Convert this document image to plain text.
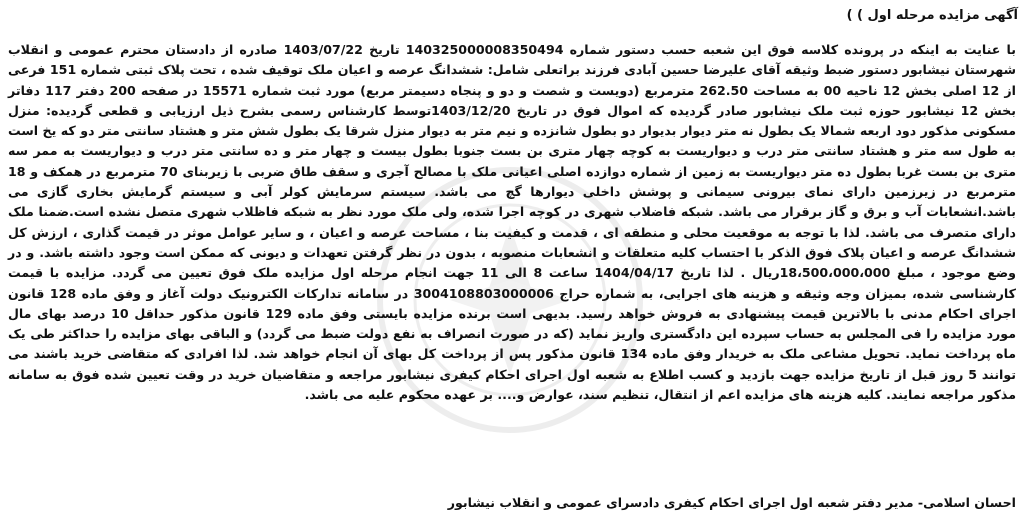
آگهی مزایده مرحله اول ) )
با عنایت به اینکه در پرونده کلاسه فوق این شعبه حسب دستور شماره 140325000008350494 تاریخ 1403/07/22 صادره از دادستان محترم عمومی و انقلاب شهرستان نیشابور دستور ضبط وثیقه آقای علیرضا حسین آبادی فرزند براتعلی شامل: ششدانگ عرصه و اعیان ملک توقیف شده ، تحت پلاک ثبتی شماره 151 فرعی از 12 اصلی بخش 12 ناحیه 00 به مساحت 262.50 مترمربع (دویست و شصت و دو و پنجاه دسیمتر مربع) مورد ثبت شماره 15571 در صفحه 200 دفتر 117 دفاتر بخش 12 نیشابور حوزه ثبت ملک نیشابور صادر گردیده که اموال فوق در تاریخ 1403/12/20توسط کارشناس رسمی بشرح ذیل ارزیابی و قطعی گردیده: منزل مسکونی مذکور دود اربعه شمالا یک بطول نه متر دیوار بدیوار دو بطول شانزده و نیم متر به دیوار منزل شرقا یک بطول شش متر و هشتاد سانتی متر دو که یخ است به طول سه متر و هشتاد سانتی متر درب و دیواریست به کوچه چهار متری بن بست جنوبا بطول بیست و چهار متر و ده سانتی متر درب و دیواریست به ممر سه متری بن بست غربا بطول ده متر دیواریست به زمین از شماره دوازده اصلی اعیانی ملک با مصالح آجری و سقف طاق ضربی با زیربنای 70 مترمربع در همکف و 18 مترمربع در زیرزمین دارای نمای بیرونی سیمانی و پوشش داخلی دیوارها گچ می باشد. سیستم سرمایش کولر آبی و سیستم گرمایش بخاری گازی می باشد.انشعابات آب و برق و گاز برقرار می باشد. شبکه فاضلاب شهری در کوچه اجرا شده، ولی ملک مورد نظر به شبکه فاظلاب شهری متصل نشده است.ضمنا ملک دارای متصرف می باشد. لذا با توجه به موقعیت محلی و منطقه ای ، قدمت و کیفیت بنا ، مساحت عرصه و اعیان ، و سایر عوامل موثر در قیمت گذاری ، ارزش کل ششدانگ عرصه و اعیان پلاک فوق الذکر با احتساب کلیه متعلقات و انشعابات منصوبه ، بدون در نظر گرفتن تعهدات و دیونی که ممکن است وجود داشته باشد. و در وضع موجود ، مبلغ 18،500،000،000ریال . لذا تاریخ 1404/04/17 ساعت 8 الی 11 جهت انجام مرحله اول مزایده ملک فوق تعیین می گردد. مزایده با قیمت کارشناسی شده، بمیزان وجه وثیقه و هزینه های اجرایی، به شماره حراج 3004108803000006 در سامانه تدارکات الکترونیک دولت آغاز و وفق ماده 128 قانون اجرای احکام مدنی با بالاترین قیمت پیشنهادی به فروش خواهد رسید. بدیهی است برنده مزایده بایستی وفق ماده 129 قانون مذکور حداقل 10 درصد بهای مال مورد مزایده را فی المجلس به حساب سپرده این دادگستری واریز نماید (که در صورت انصراف به نفع دولت ضبط می گردد) و الباقی بهای مزایده را حداکثر طی یک ماه پرداخت نماید. تحویل مشاعی ملک به خریدار وفق ماده 134 قانون مذکور پس از پرداخت کل بهای آن انجام خواهد شد. لذا افرادی که متقاضی خرید باشند می توانند 5 روز قبل از تاریخ مزایده جهت بازدید و کسب اطلاع به شعبه اول اجرای احکام کیفری نیشابور مراجعه و متقاضیان خرید در وقت تعیین شده فوق به سامانه مذکور مراجعه نمایند. کلیه هزینه های مزایده اعم از انتقال، تنظیم سند، عوارض و.... بر عهده محکوم علیه می باشد.
احسان اسلامی- مدیر دفتر شعبه اول اجرای احکام کیفری دادسرای عمومی و انقلاب نیشابور
